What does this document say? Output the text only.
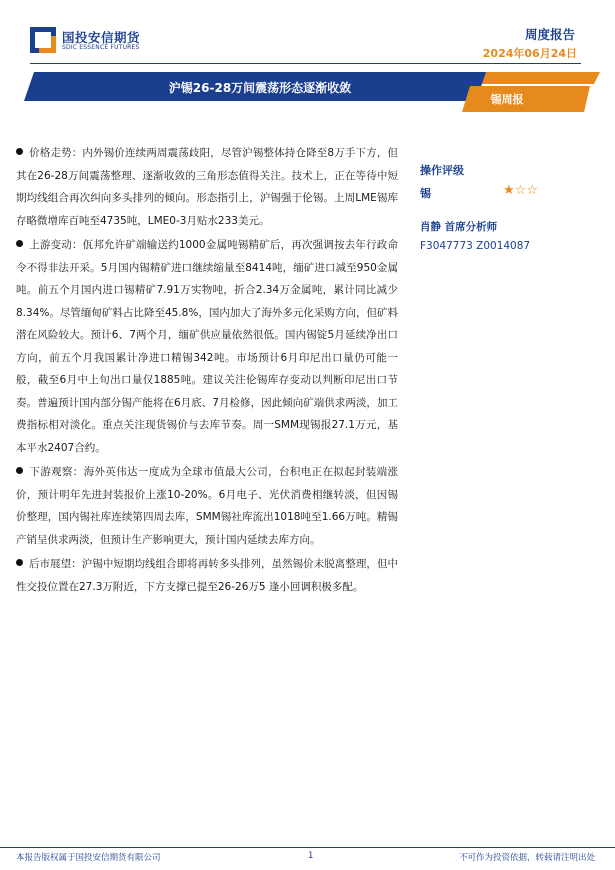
国投安信期货
SDIC ESSENCE FUTURES
周度报告
2024年06月24日
沪锡26-28万间震荡形态逐渐收敛
锡周报

价格走势：内外锡价连续两周震荡歧阳，尽管沪锡整体持仓降至8万手下方，但其在26-28万间震荡整理、逐渐收敛的三角形态值得关注。技术上，正在等待中短期均线组合再次纠向多头排列的倾向。形态指引上，沪锡强于伦锡。上周LME锡库存略微增库百吨至4735吨，LME0-3月贴水233美元。

上游变动：佤邦允许矿端输送约1000金属吨锡精矿后，再次强调按去年行政命令不得非法开采。5月国内锡精矿进口继续缩量至8414吨，缅矿进口减至950金属吨。前五个月国内进口锡精矿7.91万实物吨，折合2.34万金属吨，累计同比减少8.34%。尽管缅甸矿料占比降至45.8%，国内加大了海外多元化采购方向，但矿料潜在风险较大。预计6、7两个月，缅矿供应量依然很低。国内锡锭5月延续净出口方向，前五个月我国累计净进口精锡342吨。市场预计6月印尼出口量仍可能一般，截至6月中上旬出口量仅1885吨。建议关注伦锡库存变动以判断印尼出口节奏。普遍预计国内部分锡产能将在6月底、7月检修，因此倾向矿端供求两淡，加工费指标相对淡化。重点关注现货锡价与去库节奏。周一SMM现锡报27.1万元，基本平水2407合约。

下游观察：海外英伟达一度成为全球市值最大公司，台积电正在拟起封装端涨价，预计明年先进封装报价上涨10-20%。6月电子、光伏消费相继转淡，但因锡价整理，国内锡社库连续第四周去库，SMM锡社库流出1018吨至1.66万吨。精锡产销呈供求两淡，但预计生产影响更大，预计国内延续去库方向。

后市展望：沪锡中短期均线组合即将再转多头排列，虽然锡价未脱离整理，但中性交投位置在27.3万附近，下方支撑已提至26-26万5 逢小回调积极多配。

操作评级
锡	★☆☆
肖静 首席分析师
F3047773 Z0014087
本报告版权属于国投安信期货有限公司	1	不可作为投资依据，转载请注明出处
